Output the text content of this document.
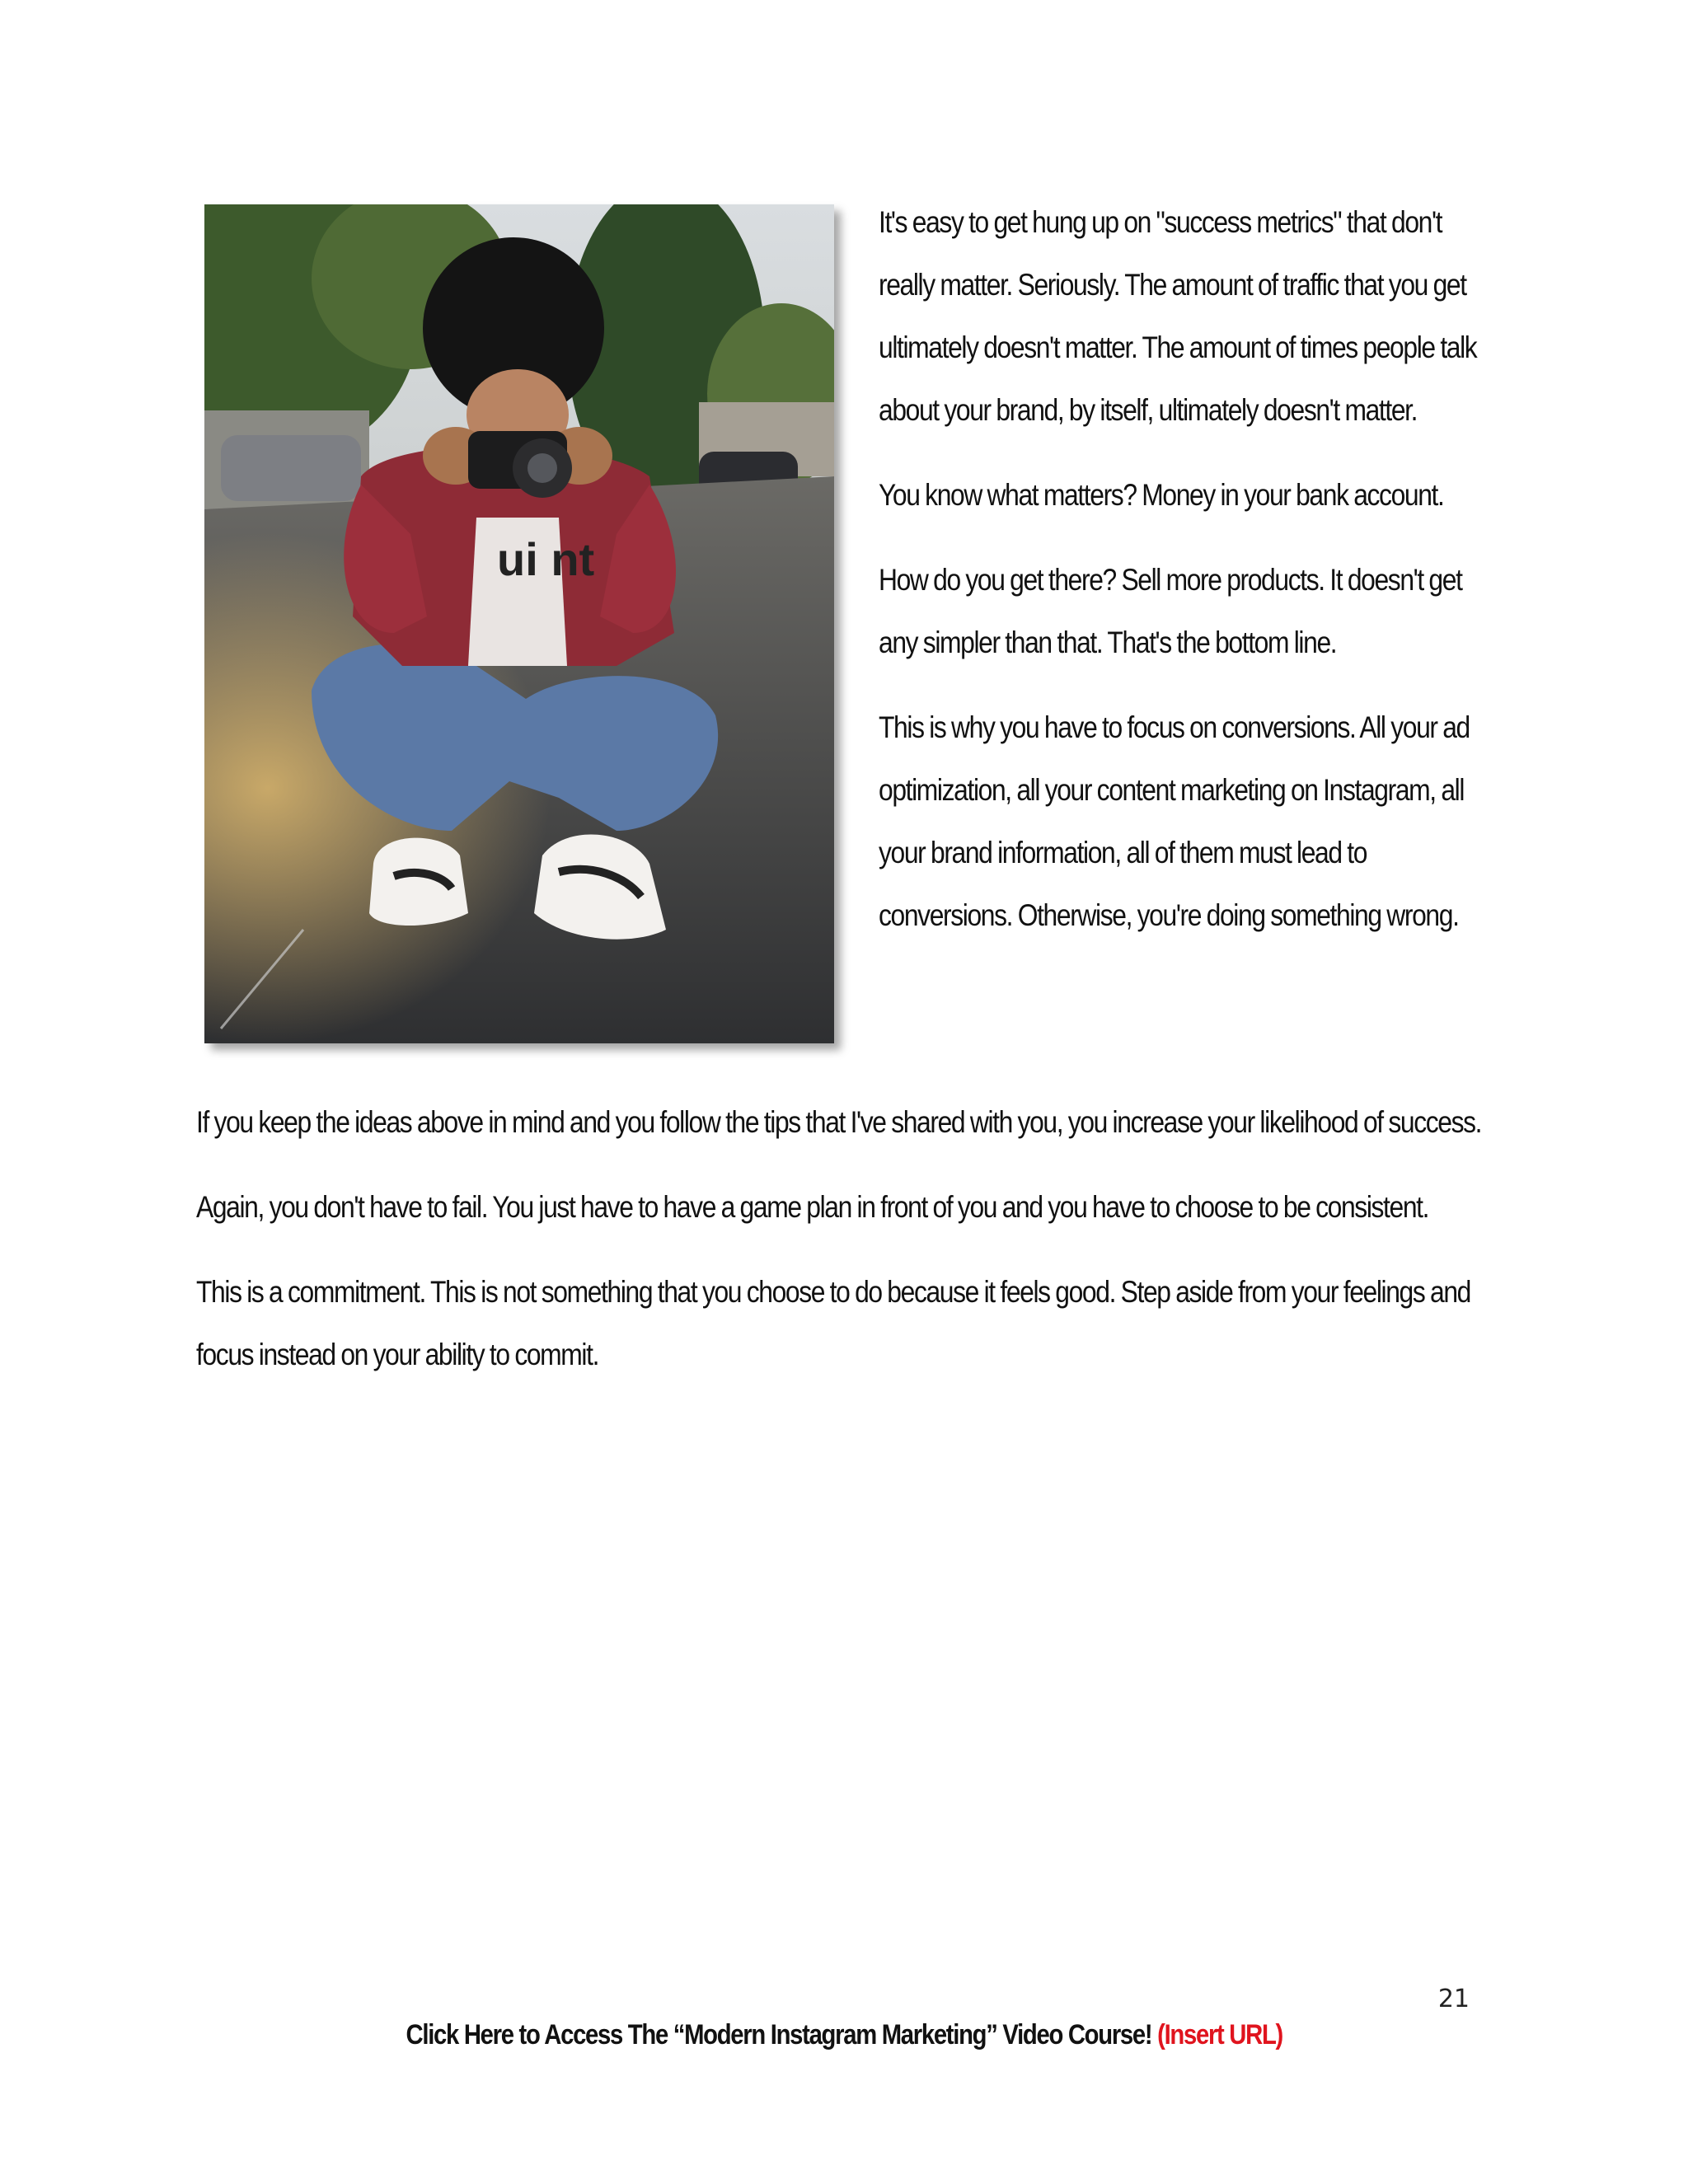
ui nt

It's easy to get hung up on "success metrics" that don't really matter. Seriously. The amount of traffic that you get ultimately doesn't matter. The amount of times people talk about your brand, by itself, ultimately doesn't matter.

You know what matters? Money in your bank account.

How do you get there? Sell more products. It doesn't get any simpler than that. That's the bottom line.

This is why you have to focus on conversions. All your ad optimization, all your content marketing on Instagram, all your brand information, all of them must lead to conversions. Otherwise, you're doing something wrong.

If you keep the ideas above in mind and you follow the tips that I've shared with you, you increase your likelihood of success.

Again, you don't have to fail. You just have to have a game plan in front of you and you have to choose to be consistent.

This is a commitment. This is not something that you choose to do because it feels good. Step aside from your feelings and focus instead on your ability to commit.

21
Click Here to Access The “Modern Instagram Marketing” Video Course! (Insert URL)
